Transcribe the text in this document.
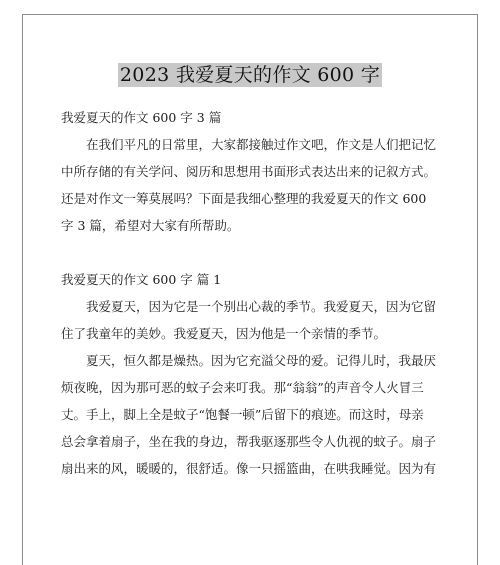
2023 我爱夏天的作文 600 字
我爱夏天的作文 600 字 3 篇
在我们平凡的日常里，大家都接触过作文吧，作文是人们把记忆
中所存储的有关学问、阅历和思想用书面形式表达出来的记叙方式。
还是对作文一筹莫展吗？下面是我细心整理的我爱夏天的作文 600
字 3 篇，希望对大家有所帮助。
我爱夏天的作文 600 字 篇 1
我爱夏天，因为它是一个别出心裁的季节。我爱夏天，因为它留
住了我童年的美妙。我爱夏天，因为他是一个亲情的季节。
夏天，恒久都是燥热。因为它充溢父母的爱。记得儿时，我最厌
烦夜晚，因为那可恶的蚊子会来叮我。那“翁翁”的声音令人火冒三
丈。手上，脚上全是蚊子“饱餐一顿”后留下的痕迹。而这时，母亲
总会拿着扇子，坐在我的身边，帮我驱逐那些令人仇视的蚊子。扇子
扇出来的风，暖暖的，很舒适。像一只摇篮曲，在哄我睡觉。因为有
